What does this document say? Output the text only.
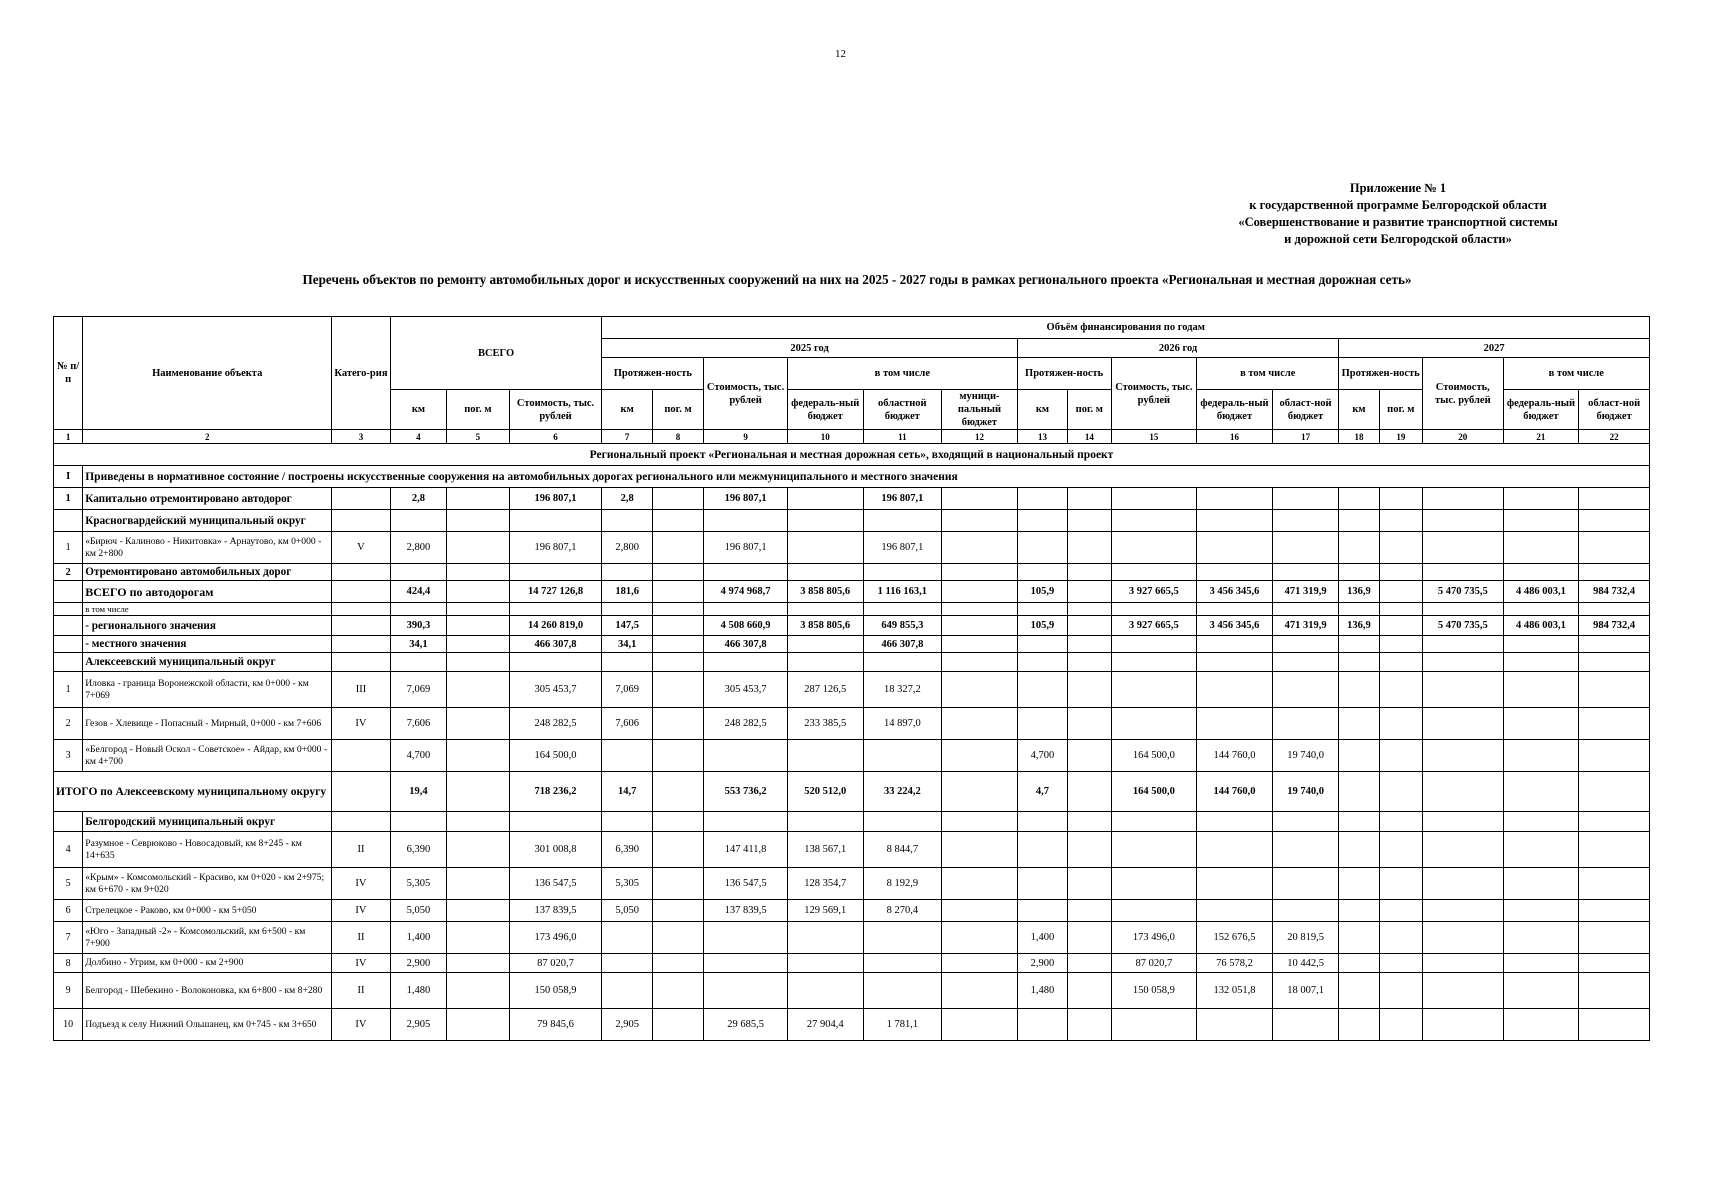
12
Приложение № 1
к государственной программе Белгородской области
«Совершенствование и развитие транспортной системы
и дорожной сети Белгородской области»
Перечень объектов по ремонту автомобильных дорог и искусственных сооружений на них на 2025 - 2027 годы в рамках регионального проекта «Региональная и местная дорожная сеть»
№ п/п	Наименование объекта	Катего-рия	ВСЕГО			Объём финансирования по годам															
						2025 год						2026 год					2027				
						Протяжен-ность		Стоимость, тыс. рублей	в том числе			Протяжен-ность		Стоимость, тыс. рублей	в том числе		Протяжен-ность		Стоимость, тыс. рублей	в том числе	
			км	пог. м	Стоимость, тыс. рублей	км	пог. м		федераль-ный бюджет	областной бюджет	муници-пальный бюджет	км	пог. м		федераль-ный бюджет	област-ной бюджет	км	пог. м		федераль-ный бюджет	област-ной бюджет
1	2	3	4	5	6	7	8	9	10	11	12	13	14	15	16	17	18	19	20	21	22
Региональный проект «Региональная и местная дорожная сеть», входящий в национальный проект																					
I	Приведены в нормативное состояние / построены искусственные сооружения на автомобильных дорогах регионального или межмуниципального и местного значения																				
1	Капитально отремонтировано автодорог		2,8		196 807,1	2,8		196 807,1		196 807,1											
	Красногвардейский муниципальный округ																				
1	«Бирюч - Калиново - Никитовка» - Арнаутово, км 0+000 - км 2+800	V	2,800		196 807,1	2,800		196 807,1		196 807,1											
2	Отремонтировано автомобильных дорог																				
	ВСЕГО по автодорогам		424,4		14 727 126,8	181,6		4 974 968,7	3 858 805,6	1 116 163,1		105,9		3 927 665,5	3 456 345,6	471 319,9	136,9		5 470 735,5	4 486 003,1	984 732,4
	в том числе																				
	- регионального значения		390,3		14 260 819,0	147,5		4 508 660,9	3 858 805,6	649 855,3		105,9		3 927 665,5	3 456 345,6	471 319,9	136,9		5 470 735,5	4 486 003,1	984 732,4
	- местного значения		34,1		466 307,8	34,1		466 307,8		466 307,8											
	Алексеевский муниципальный округ																				
1	Иловка - граница Воронежской области, км 0+000 - км 7+069	III	7,069		305 453,7	7,069		305 453,7	287 126,5	18 327,2											
2	Гезов - Хлевище - Попасный - Мирный, 0+000 - км 7+606	IV	7,606		248 282,5	7,606		248 282,5	233 385,5	14 897,0											
3	«Белгород - Новый Оскол - Советское» - Айдар, км 0+000 - км 4+700		4,700		164 500,0							4,700		164 500,0	144 760,0	19 740,0					
ИТОГО по Алексеевскому муниципальному округу			19,4		718 236,2	14,7		553 736,2	520 512,0	33 224,2		4,7		164 500,0	144 760,0	19 740,0					
	Белгородский муниципальный округ																				
4	Разумное - Севрюково - Новосадовый, км 8+245 - км 14+635	II	6,390		301 008,8	6,390		147 411,8	138 567,1	8 844,7											
5	«Крым» - Комсомольский - Красиво, км 0+020 - км 2+975; км 6+670 - км 9+020	IV	5,305		136 547,5	5,305		136 547,5	128 354,7	8 192,9											
6	Стрелецкое - Раково, км 0+000 - км 5+050	IV	5,050		137 839,5	5,050		137 839,5	129 569,1	8 270,4											
7	«Юго - Западный -2» - Комсомольский, км 6+500 - км 7+900	II	1,400		173 496,0							1,400		173 496,0	152 676,5	20 819,5					
8	Долбино - Угрим, км 0+000 - км 2+900	IV	2,900		87 020,7							2,900		87 020,7	76 578,2	10 442,5					
9	Белгород - Шебекино - Волоконовка, км 6+800 - км 8+280	II	1,480		150 058,9							1,480		150 058,9	132 051,8	18 007,1					
10	Подъезд к селу Нижний Ольшанец, км 0+745 - км 3+650	IV	2,905		79 845,6	2,905		29 685,5	27 904,4	1 781,1											
